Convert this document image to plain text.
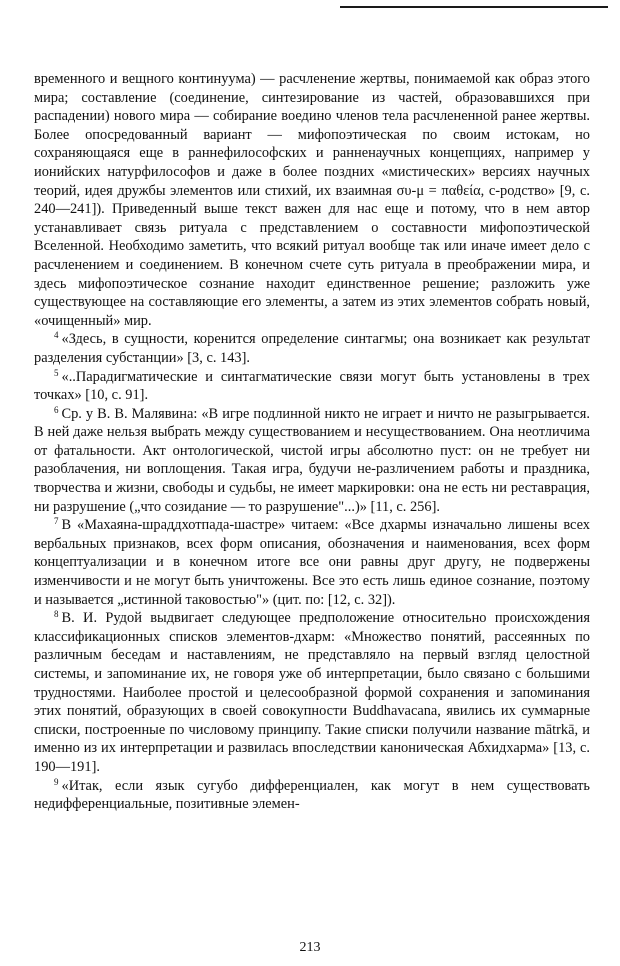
временного и вещного континуума) — расчленение жертвы, понимаемой как образ этого мира; составление (соединение, синтезирование из частей, образовавшихся при распадении) нового мира — собирание воедино членов тела расчлененной ранее жертвы. Более опосредованный вариант — мифопоэтическая по своим истокам, но сохраняющаяся еще в раннефилософских и ранненаучных концепциях, например у ионийских натурфилософов и даже в более поздних «мистических» версиях научных теорий, идея дружбы элементов или стихий, их взаимная συ-μ = παθεία, с-родство» [9, с. 240—241]). Приведенный выше текст важен для нас еще и потому, что в нем автор устанавливает связь ритуала с представлением о составности мифопоэтической Вселенной. Необходимо заметить, что всякий ритуал вообще так или иначе имеет дело с расчленением и соединением. В конечном счете суть ритуала в преображении мира, и здесь мифопоэтическое сознание находит единственное решение; разложить уже существующее на составляющие его элементы, а затем из этих элементов собрать новый, «очищенный» мир.

$^4$ «Здесь, в сущности, коренится определение синтагмы; она возникает как результат разделения субстанции» [3, с. 143].

$^5$ «..Парадигматические и синтагматические связи могут быть установлены в трех точках» [10, с. 91].

$^6$ Ср. у В. В. Малявина: «В игре подлинной никто не играет и ничто не разыгрывается. В ней даже нельзя выбрать между существованием и несуществованием. Она неотличима от фатальности. Акт онтологической, чистой игры абсолютно пуст: он не требует ни разоблачения, ни воплощения. Такая игра, будучи не-различением работы и праздника, творчества и жизни, свободы и судьбы, не имеет маркировки: она не есть ни реставрация, ни разрушение („что созидание — то разрушение"...)» [11, с. 256].

$^7$ В «Махаяна-шраддхотпада-шастре» читаем: «Все дхармы изначально лишены всех вербальных признаков, всех форм описания, обозначения и наименования, всех форм концептуализации и в конечном итоге все они равны друг другу, не подвержены изменчивости и не могут быть уничтожены. Все это есть лишь единое сознание, поэтому и называется „истинной таковостью"» (цит. по: [12, с. 32]).

$^8$ В. И. Рудой выдвигает следующее предположение относительно происхождения классификационных списков элементов-дхарм: «Множество понятий, рассеянных по различным беседам и наставлениям, не представляло на первый взгляд целостной системы, и запоминание их, не говоря уже об интерпретации, было связано с большими трудностями. Наиболее простой и целесообразной формой сохранения и запоминания этих понятий, образующих в своей совокупности Buddhavacana, явились их суммарные списки, построенные по числовому принципу. Такие списки получили название mātrkā, и именно из их интерпретации и развилась впоследствии каноническая Абхидхарма» [13, с. 190—191].

$^9$ «Итак, если язык сугубо дифференциален, как могут в нем существовать недифференциальные, позитивные элемен-

213
